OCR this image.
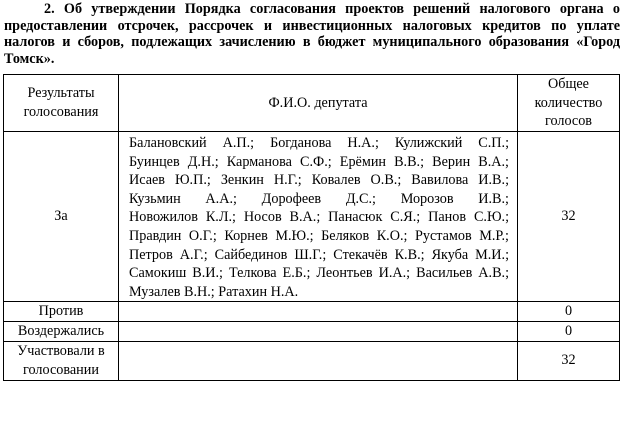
2. Об утверждении Порядка согласования проектов решений налогового органа о предоставлении отсрочек, рассрочек и инвестиционных налоговых кредитов по уплате налогов и сборов, подлежащих зачислению в бюджет муниципального образования «Город Томск».
Результаты голосования	Ф.И.О. депутата	Общее количество голосов
За	Балановский А.П.; Богданова Н.А.; Кулижский С.П.; Буинцев Д.Н.; Карманова С.Ф.; Ерёмин В.В.; Верин В.А.; Исаев Ю.П.; Зенкин Н.Г.; Ковалев О.В.; Вавилова И.В.; Кузьмин А.А.; Дорофеев Д.С.; Морозов И.В.; Новожилов К.Л.; Носов В.А.; Панасюк С.Я.; Панов С.Ю.; Правдин О.Г.; Корнев М.Ю.; Беляков К.О.; Рустамов М.Р.; Петров А.Г.; Сайбединов Ш.Г.; Стекачёв К.В.; Якуба М.И.; Самокиш В.И.; Телкова Е.Б.; Леонтьев И.А.; Васильев А.В.; Музалев В.Н.; Ратахин Н.А.	32
Против		0
Воздержались		0
Участвовали в голосовании		32
